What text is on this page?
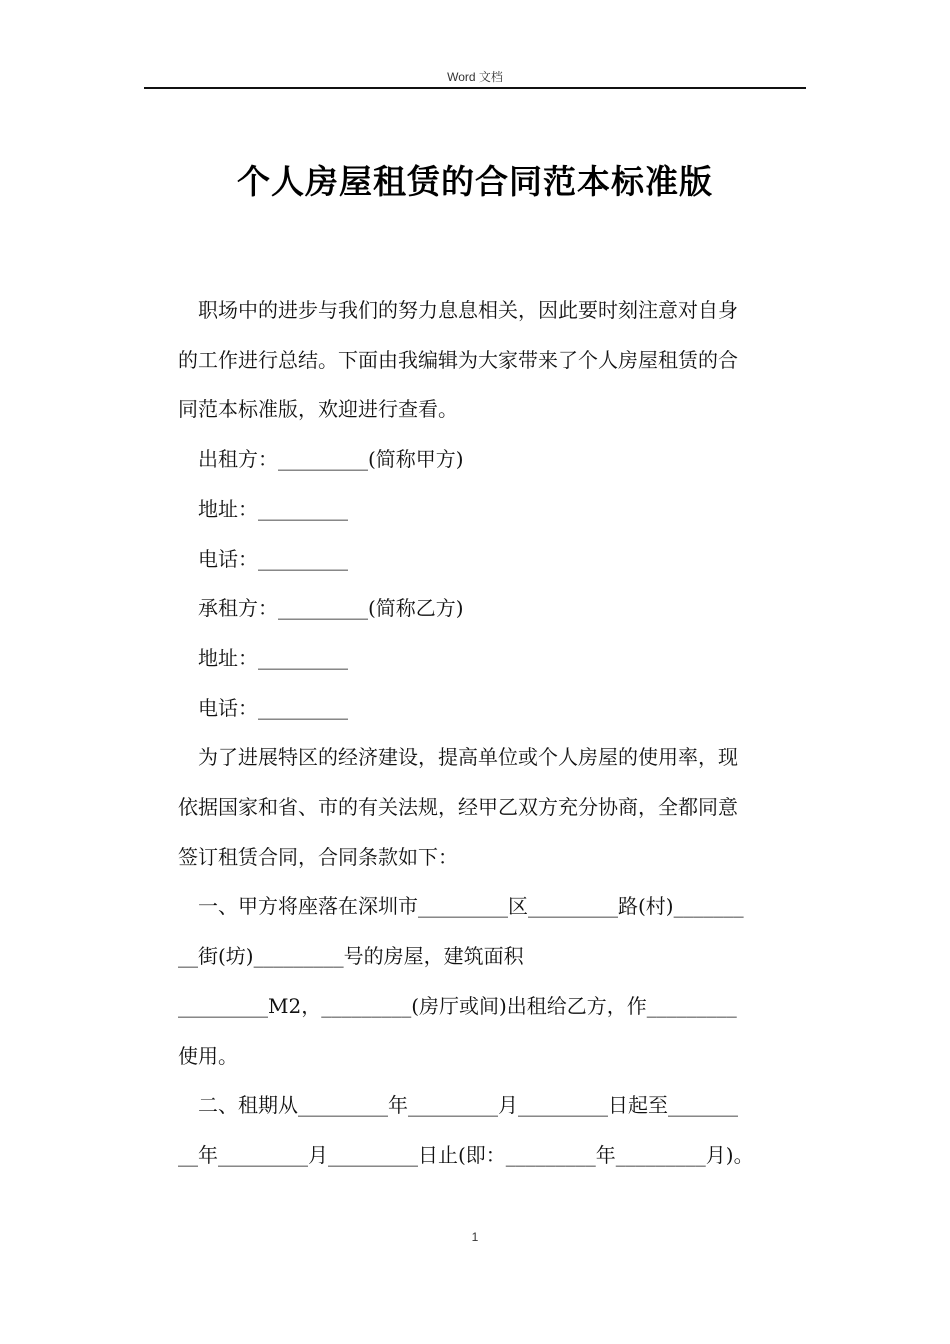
Word 文档
个人房屋租赁的合同范本标准版

职场中的进步与我们的努力息息相关，因此要时刻注意对自身
的工作进行总结。下面由我编辑为大家带来了个人房屋租赁的合
同范本标准版，欢迎进行查看。

出租方：_________(简称甲方)

地址：_________

电话：_________

承租方：_________(简称乙方)

地址：_________

电话：_________

为了进展特区的经济建设，提高单位或个人房屋的使用率，现
依据国家和省、市的有关法规，经甲乙双方充分协商，全都同意
签订租赁合同，合同条款如下：

一、甲方将座落在深圳市_________区_________路(村)_______
__街(坊)_________号的房屋，建筑面积
_________M2，_________(房厅或间)出租给乙方，作_________
使用。

二、租期从_________年_________月_________日起至_______
__年_________月_________日止(即：_________年_________月)。

1
